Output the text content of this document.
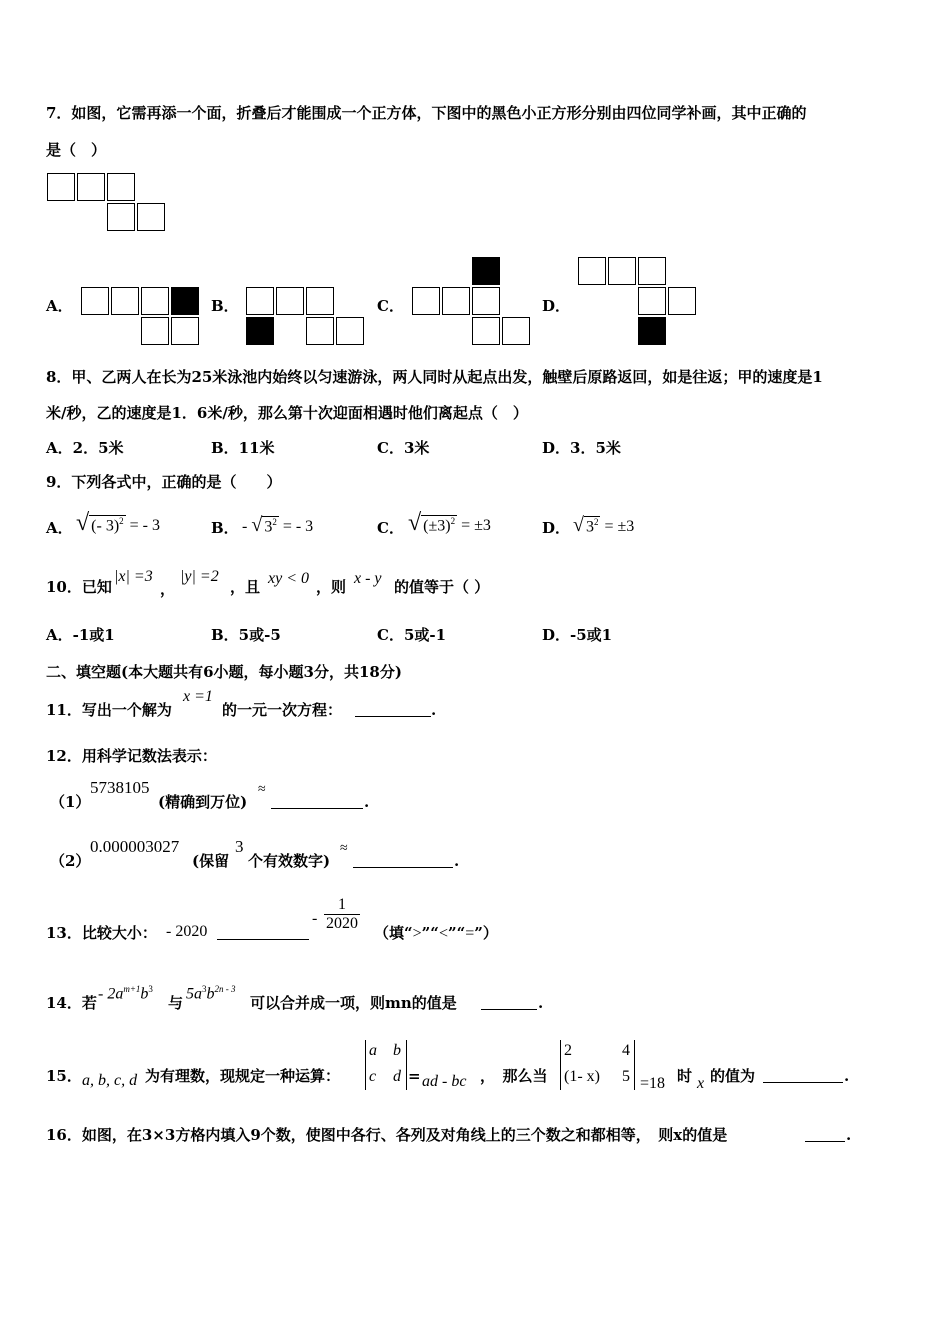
7．如图，它需再添一个面，折叠后才能围成一个正方体，下图中的黑色小正方形分别由四位同学补画，其中正确的
是（　）
A．	B．	C．	D．
8．甲、乙两人在长为25米泳池内始终以匀速游泳，两人同时从起点出发，触壁后原路返回，如是往返；甲的速度是1
米/秒，乙的速度是1．6米/秒，那么第十次迎面相遇时他们离起点（　）
A．2．5米	B．11米	C．3米	D．3．5米
9．下列各式中，正确的是（　　）
A． √ (- 3)$^2$ = - 3	B． - √ $3^2$ = - 3	C． √ $(\pm 3)^2 = \pm 3$	D． √ $3^2 = \pm 3$
10．已知
|x| =3
，
|y| =2
，且 xy < 0 ，则 x - y 的值等于（ ）
A．-1或1	B．5或-5	C．5或-1	D．-5或1
二、填空题(本大题共有6小题，每小题3分，共18分)
11．写出一个解为
x =1
的一元一次方程：	.
12．用科学记数法表示：
（1）
5738105
(精确到万位)
≈
.
（2）
0.000003027
(保留
3
个有效数字)
≈
.
13．比较大小： - 2020
- $\frac{1}{2020}$ （填“>”“<”“=”）
14．若
- $2a^{m+1}b^3$
与
$5a^3b^{2n - 3}$
可以合并成一项，则mn的值是	.
15． a, b, c, d 为有理数，现规定一种运算：
a b
c d = ad - bc ，　那么当
2	4
(1- x) 5 =18 时 x 的值为	.
16．如图，在3×3方格内填入9个数，使图中各行、各列及对角线上的三个数之和都相等，　则x的值是	.
